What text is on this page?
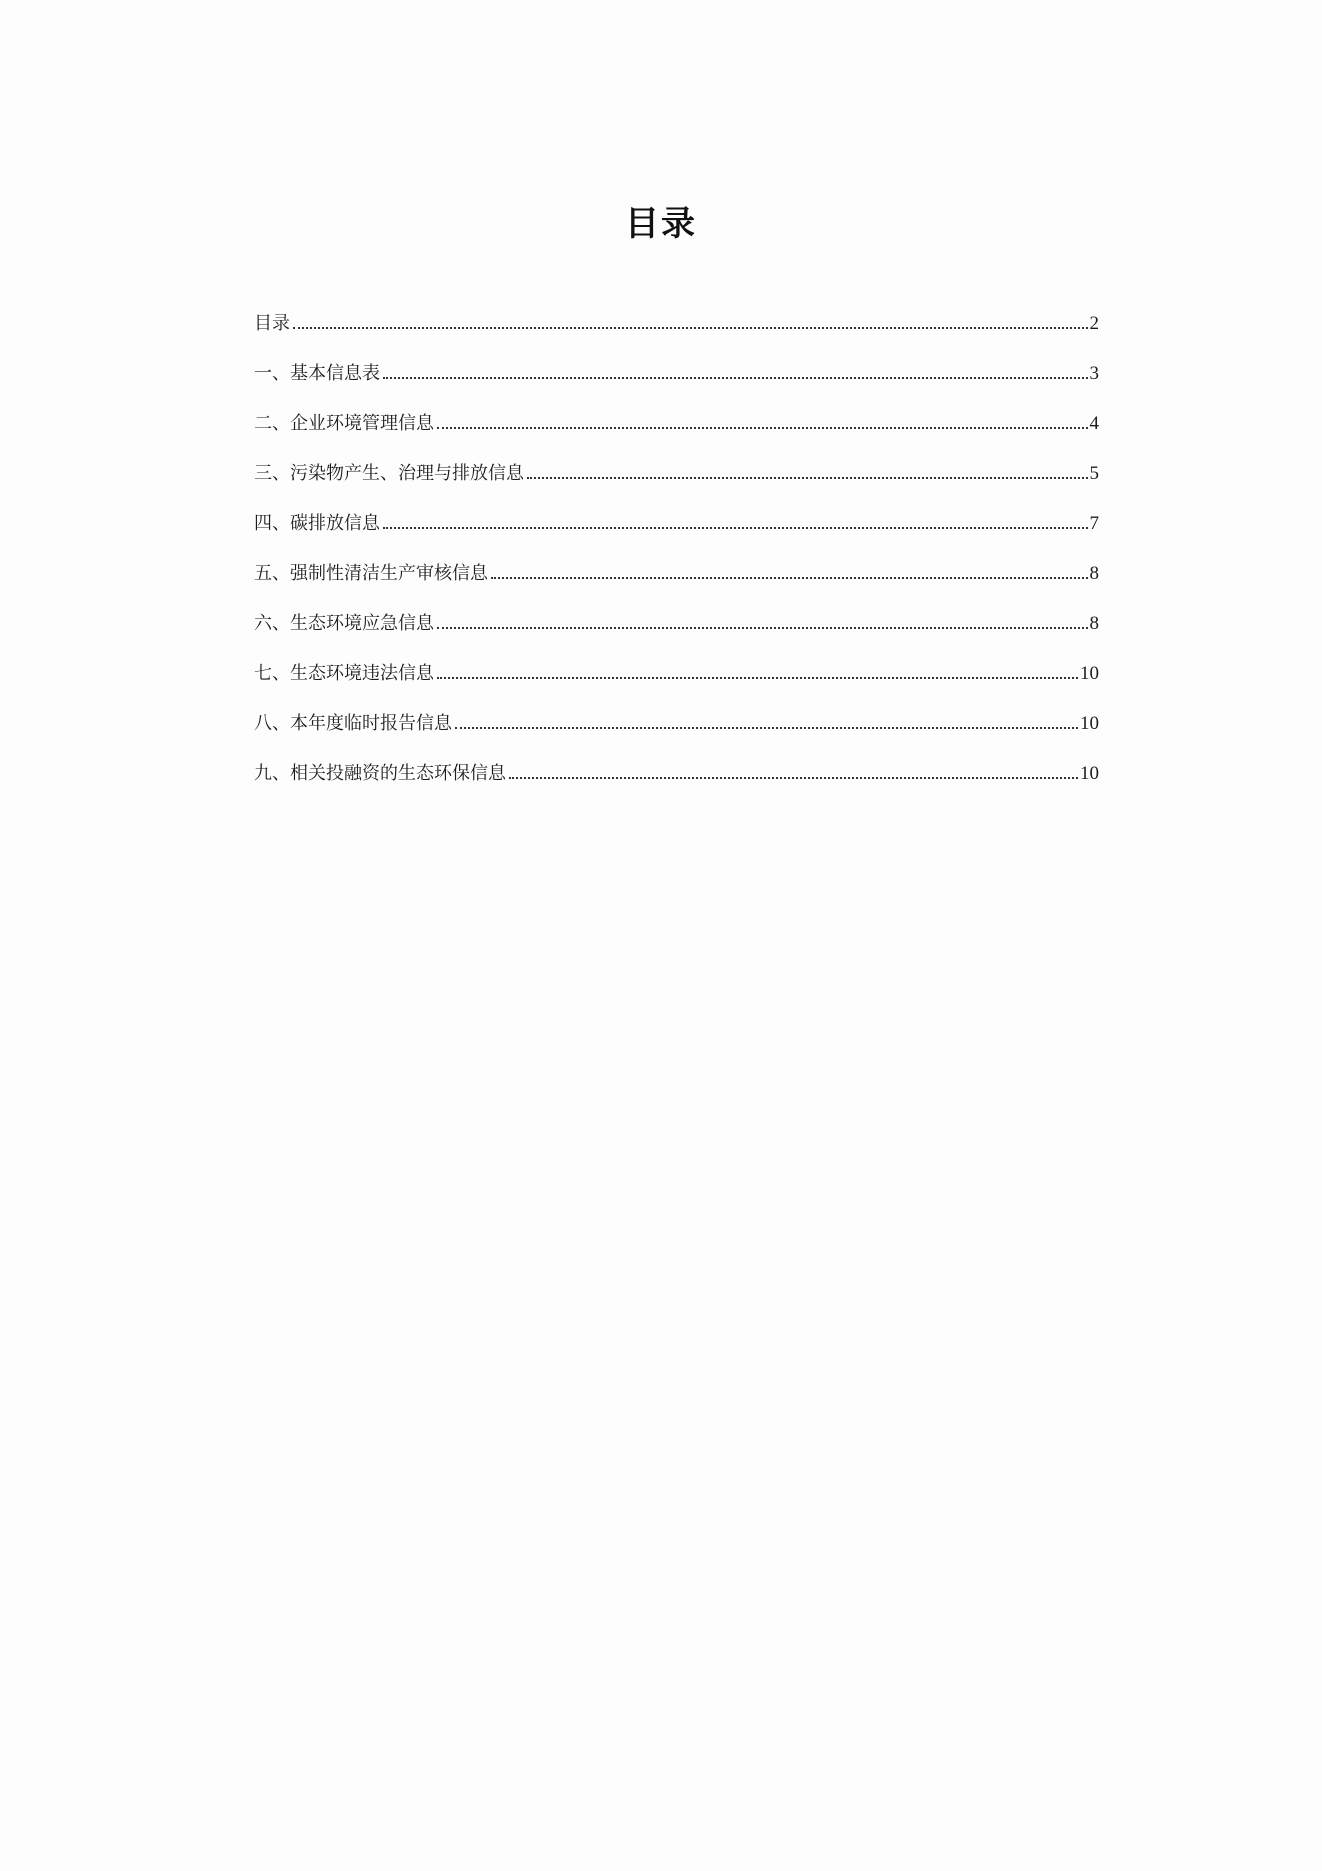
目录
目录	2
一、基本信息表	3
二、企业环境管理信息	4
三、污染物产生、治理与排放信息	5
四、碳排放信息	7
五、强制性清洁生产审核信息	8
六、生态环境应急信息	8
七、生态环境违法信息	10
八、本年度临时报告信息	10
九、相关投融资的生态环保信息	10
